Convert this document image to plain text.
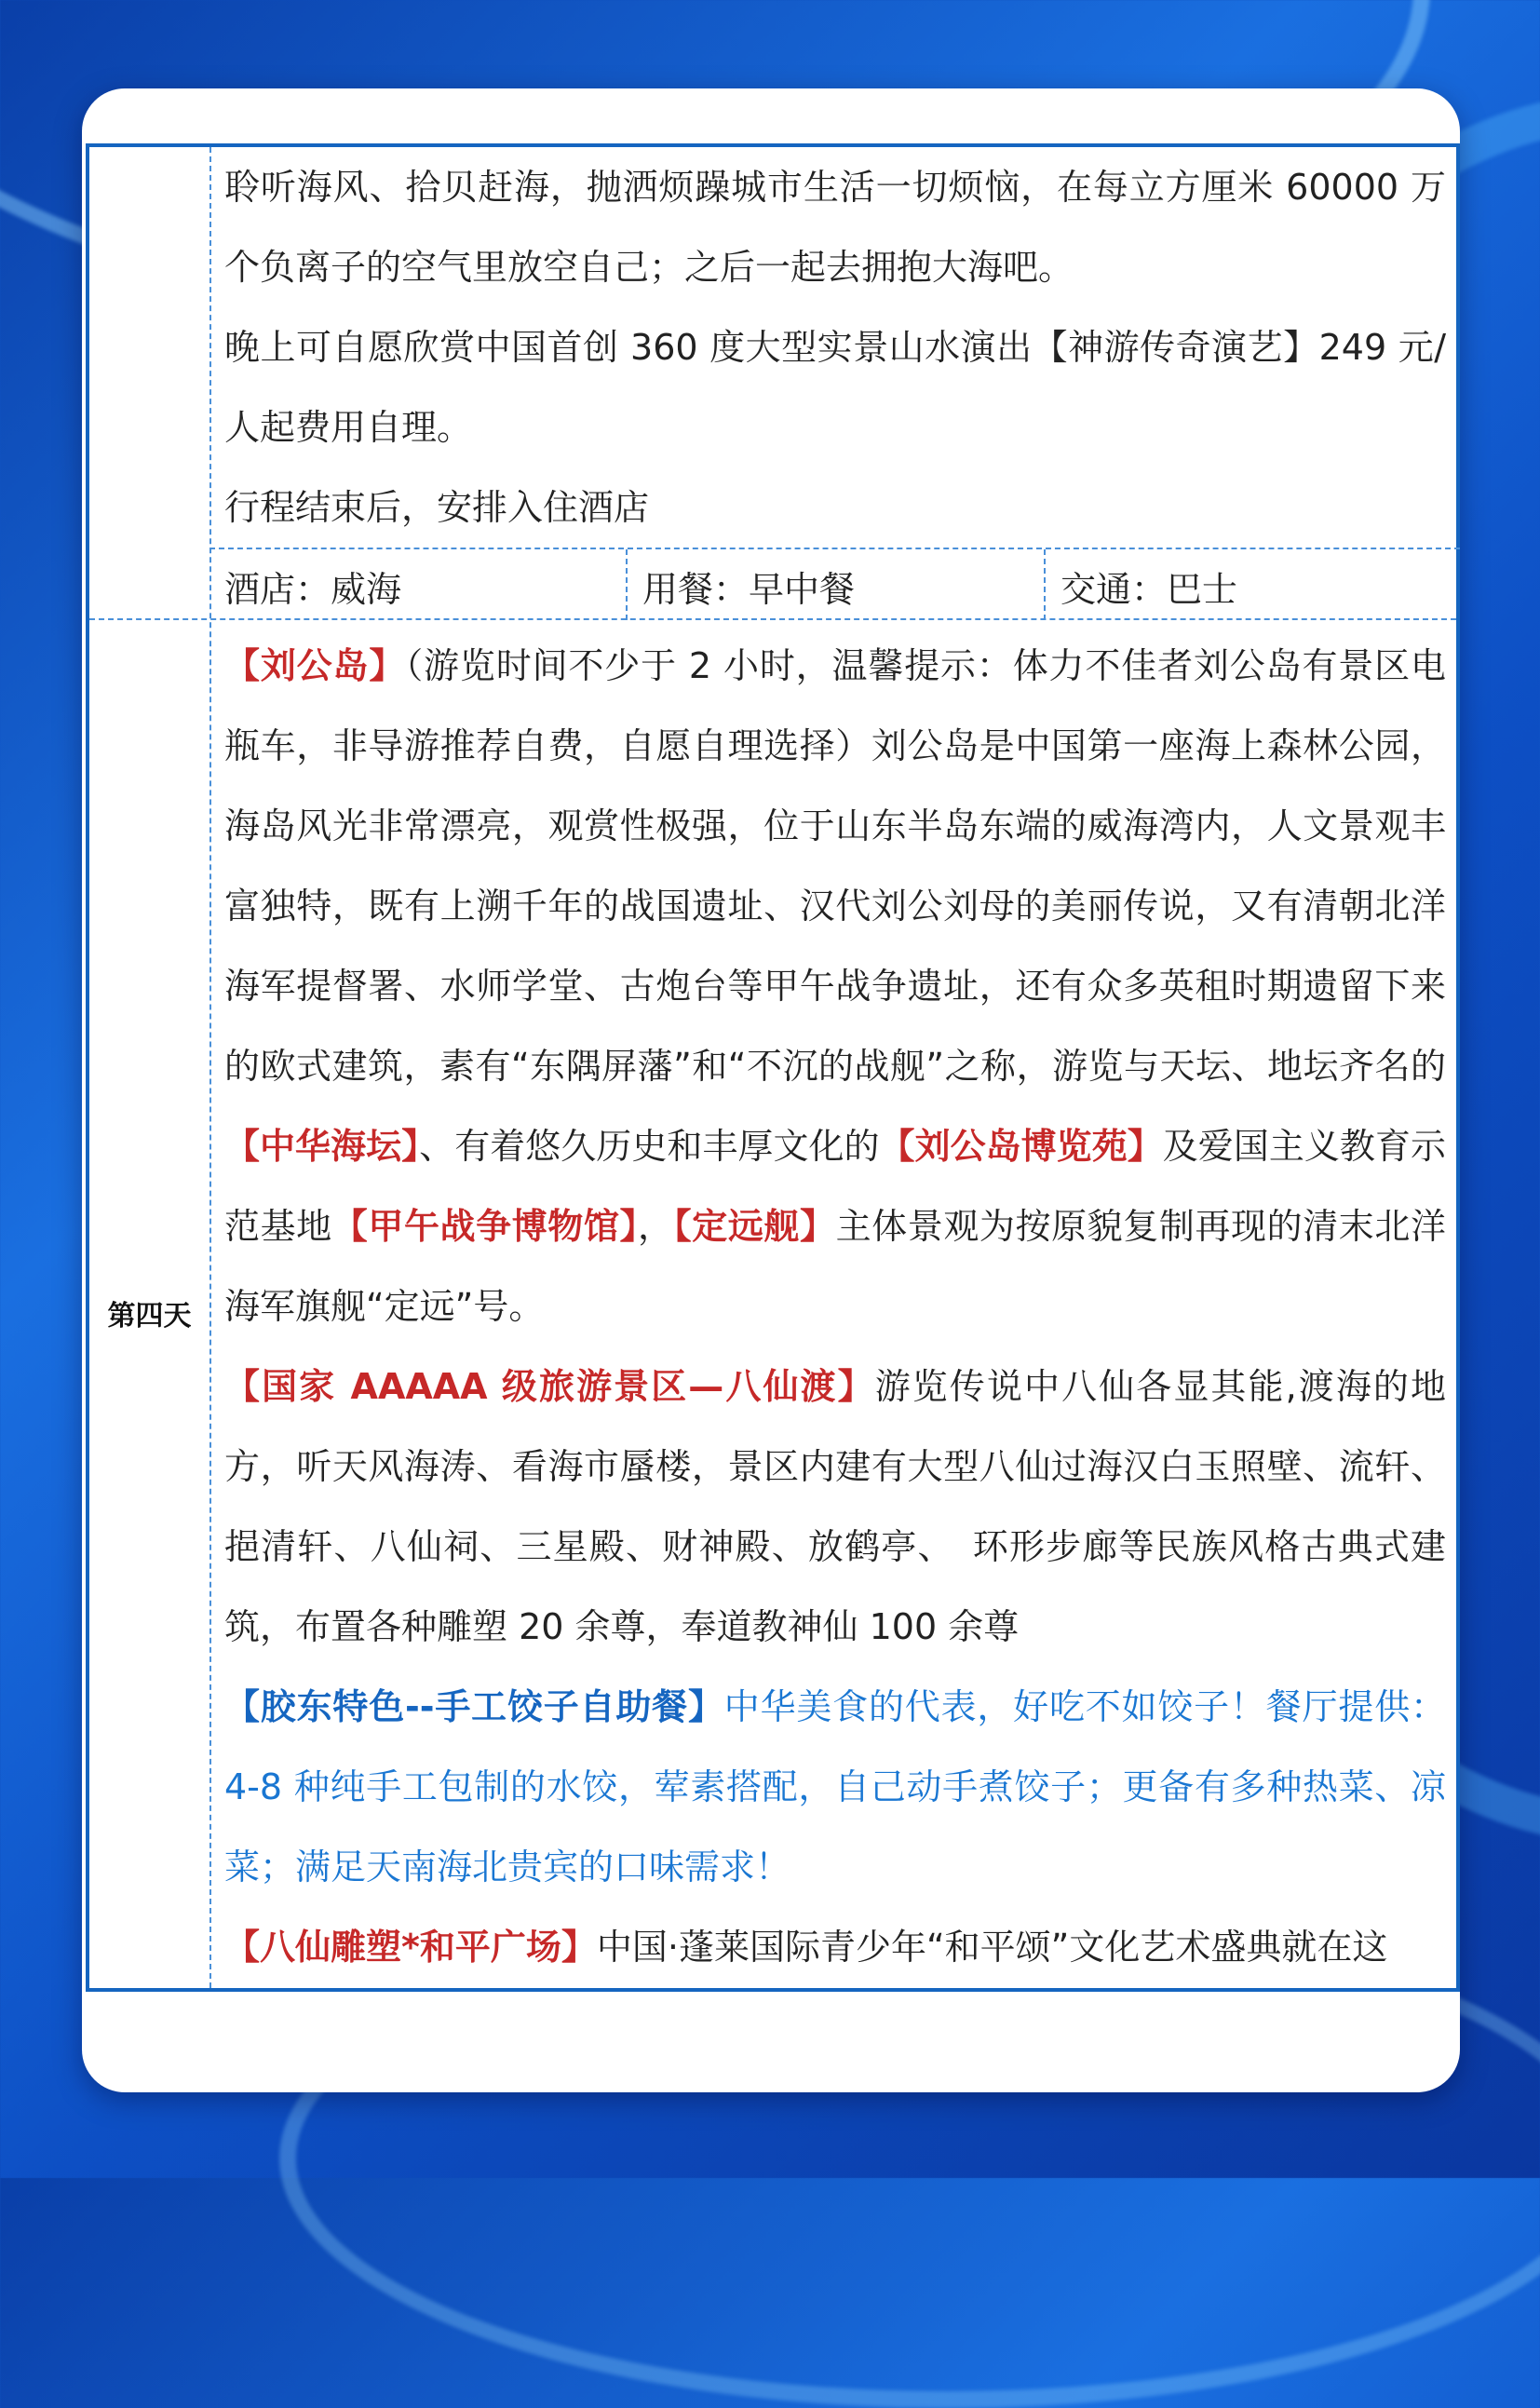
聆听海风、拾贝赶海，抛洒烦躁城市生活一切烦恼，在每立方厘米 60000 万个负离子的空气里放空自己；之后一起去拥抱大海吧。

晚上可自愿欣赏中国首创 360 度大型实景山水演出【神游传奇演艺】249 元/人起费用自理。

行程结束后，安排入住酒店

酒店：威海	用餐：早中餐	交通：巴士
第四天

【刘公岛】（游览时间不少于 2 小时，温馨提示：体力不佳者刘公岛有景区电瓶车，非导游推荐自费，自愿自理选择）刘公岛是中国第一座海上森林公园，海岛风光非常漂亮，观赏性极强，位于山东半岛东端的威海湾内，人文景观丰富独特，既有上溯千年的战国遗址、汉代刘公刘母的美丽传说，又有清朝北洋海军提督署、水师学堂、古炮台等甲午战争遗址，还有众多英租时期遗留下来的欧式建筑，素有“东隅屏藩”和“不沉的战舰”之称，游览与天坛、地坛齐名的【中华海坛】、有着悠久历史和丰厚文化的【刘公岛博览苑】及爱国主义教育示范基地【甲午战争博物馆】，【定远舰】主体景观为按原貌复制再现的清末北洋海军旗舰“定远”号。

【国家 AAAAA 级旅游景区—八仙渡】游览传说中八仙各显其能,渡海的地方，听天风海涛、看海市蜃楼，景区内建有大型八仙过海汉白玉照壁、流轩、挹清轩、八仙祠、三星殿、财神殿、放鹤亭、　环形步廊等民族风格古典式建筑，布置各种雕塑 20 余尊，奉道教神仙 100 余尊

【胶东特色--手工饺子自助餐】中华美食的代表，好吃不如饺子！餐厅提供：4-8 种纯手工包制的水饺，荤素搭配，自己动手煮饺子；更备有多种热菜、凉菜；满足天南海北贵宾的口味需求！

【八仙雕塑*和平广场】中国·蓬莱国际青少年“和平颂”文化艺术盛典就在这
